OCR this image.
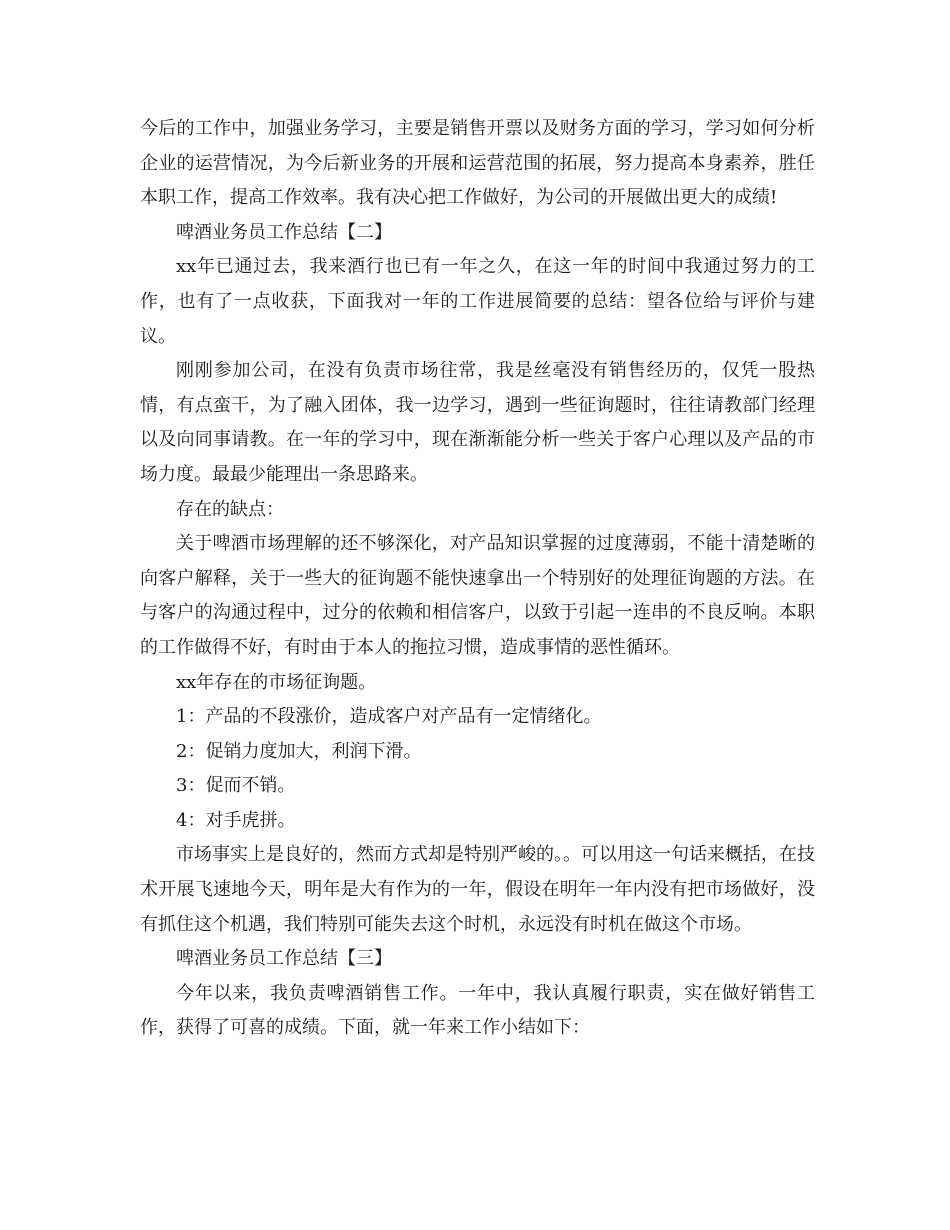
今后的工作中，加强业务学习，主要是销售开票以及财务方面的学习，学习如何分析企业的运营情况，为今后新业务的开展和运营范围的拓展，努力提高本身素养，胜任本职工作，提高工作效率。我有决心把工作做好，为公司的开展做出更大的成绩!

啤酒业务员工作总结【二】

xx年已通过去，我来酒行也已有一年之久，在这一年的时间中我通过努力的工作，也有了一点收获，下面我对一年的工作进展简要的总结：望各位给与评价与建议。

刚刚参加公司，在没有负责市场往常，我是丝毫没有销售经历的，仅凭一股热情，有点蛮干，为了融入团体，我一边学习，遇到一些征询题时，往往请教部门经理以及向同事请教。在一年的学习中，现在渐渐能分析一些关于客户心理以及产品的市场力度。最最少能理出一条思路来。

存在的缺点：

关于啤酒市场理解的还不够深化，对产品知识掌握的过度薄弱，不能十清楚晰的向客户解释，关于一些大的征询题不能快速拿出一个特别好的处理征询题的方法。在与客户的沟通过程中，过分的依赖和相信客户，以致于引起一连串的不良反响。本职的工作做得不好，有时由于本人的拖拉习惯，造成事情的恶性循环。

xx年存在的市场征询题。

1：产品的不段涨价，造成客户对产品有一定情绪化。

2：促销力度加大，利润下滑。

3：促而不销。

4：对手虎拼。

市场事实上是良好的，然而方式却是特别严峻的。。可以用这一句话来概括，在技术开展飞速地今天，明年是大有作为的一年，假设在明年一年内没有把市场做好，没有抓住这个机遇，我们特别可能失去这个时机，永远没有时机在做这个市场。

啤酒业务员工作总结【三】

今年以来，我负责啤酒销售工作。一年中，我认真履行职责，实在做好销售工作，获得了可喜的成绩。下面，就一年来工作小结如下：
